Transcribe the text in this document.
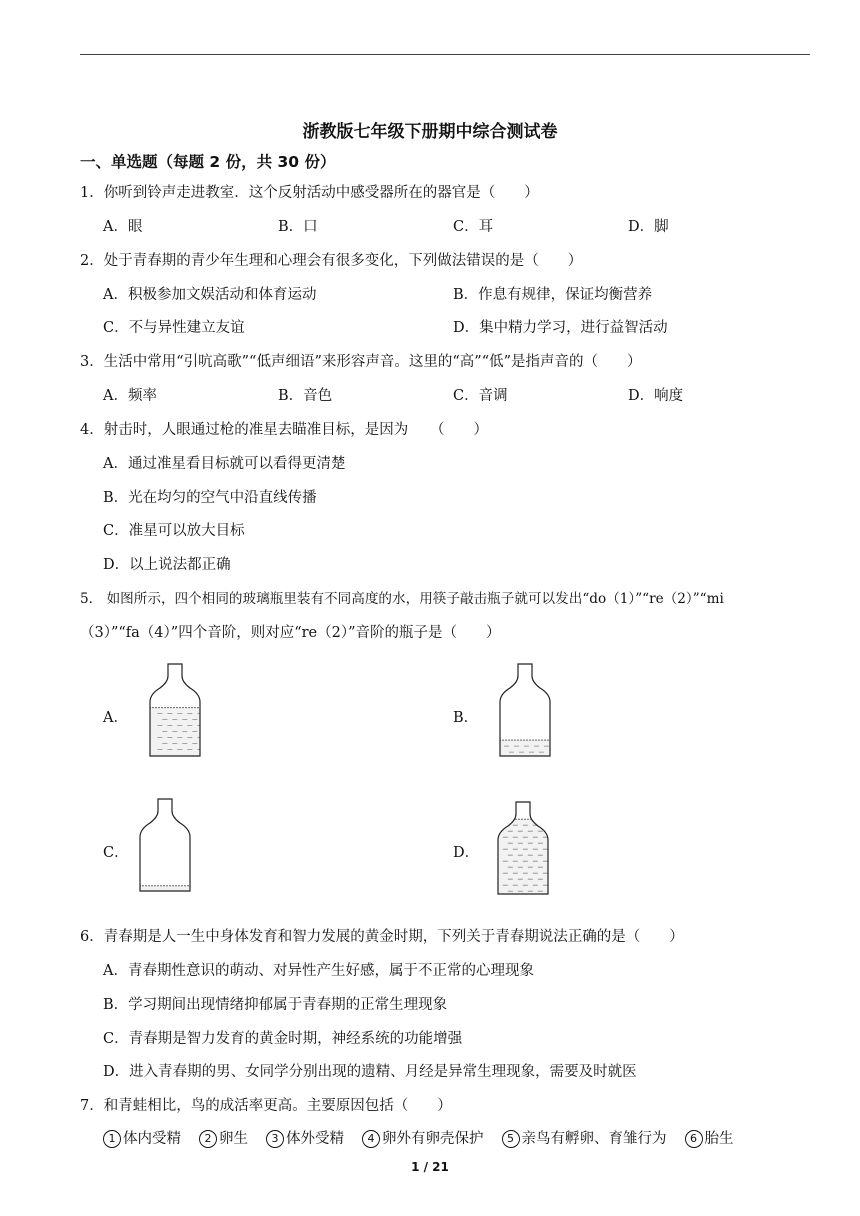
浙教版七年级下册期中综合测试卷
一、单选题（每题 2 份，共 30 份）
1．你听到铃声走进教室．这个反射活动中感受器所在的器官是（　　）
A．眼	B．口	C．耳	D．脚
2．处于青春期的青少年生理和心理会有很多变化，下列做法错误的是（　　）
A．积极参加文娱活动和体育运动	B．作息有规律，保证均衡营养
C．不与异性建立友谊	D．集中精力学习，进行益智活动
3．生活中常用“引吭高歌”“低声细语”来形容声音。这里的“高”“低”是指声音的（　　）
A．频率	B．音色	C．音调	D．响度
4．射击时，人眼通过枪的准星去瞄准目标，是因为　　（　　）
A．通过准星看目标就可以看得更清楚
B．光在均匀的空气中沿直线传播
C．准星可以放大目标
D．以上说法都正确
5． 如图所示，四个相同的玻璃瓶里装有不同高度的水，用筷子敲击瓶子就可以发出“do（1）”“re（2）”“mi
（3）”“fa（4）”四个音阶，则对应“re（2）”音阶的瓶子是（　　）
A．	B．
C．	D．
6．青春期是人一生中身体发育和智力发展的黄金时期，下列关于青春期说法正确的是（　　）
A．青春期性意识的萌动、对异性产生好感，属于不正常的心理现象
B．学习期间出现情绪抑郁属于青春期的正常生理现象
C．青春期是智力发育的黄金时期，神经系统的功能增强
D．进入青春期的男、女同学分别出现的遗精、月经是异常生理现象，需要及时就医
7．和青蛙相比，鸟的成活率更高。主要原因包括（　　）
1 体内受精 2 卵生 3 体外受精 4 卵外有卵壳保护 5 亲鸟有孵卵、育雏行为 6 胎生
1 / 21
